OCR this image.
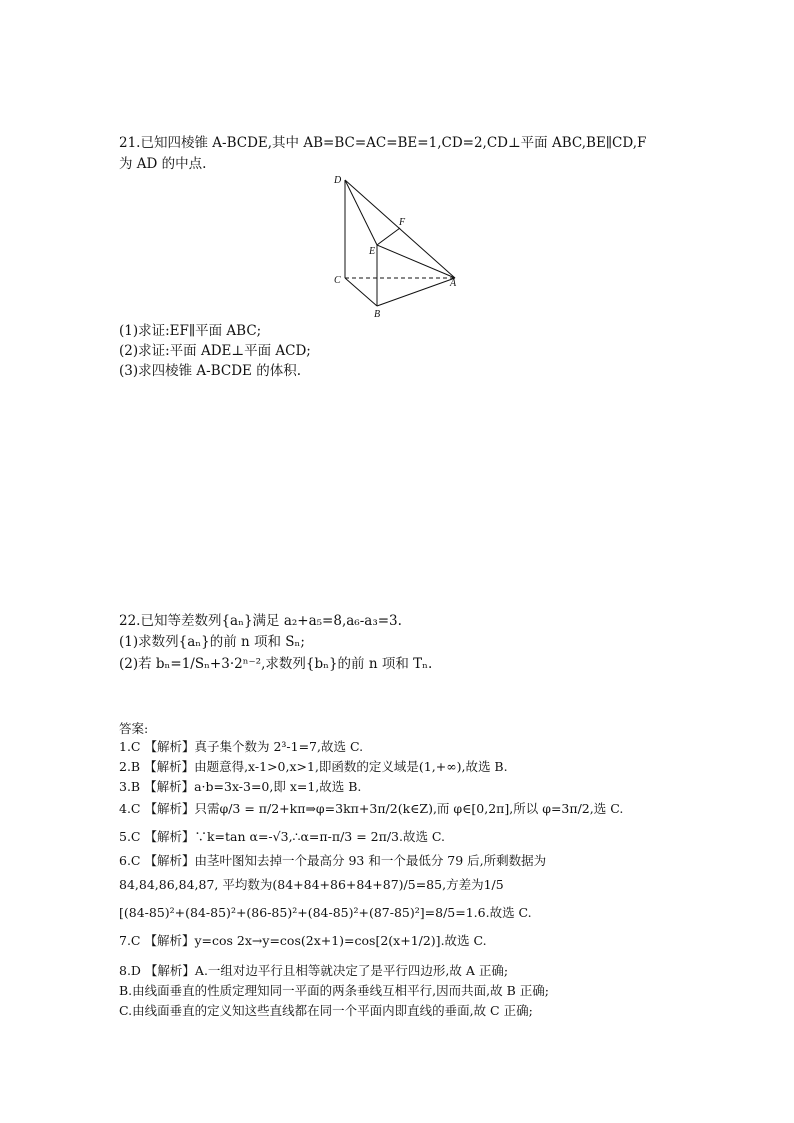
21.已知四棱锥 A-BCDE,其中 AB=BC=AC=BE=1,CD=2,CD⊥平面 ABC,BE∥CD,F
为 AD 的中点.
D
F
E
C	A
B
(1)求证:EF∥平面 ABC;
(2)求证:平面 ADE⊥平面 ACD;
(3)求四棱锥 A-BCDE 的体积.
22.已知等差数列{aₙ}满足 a₂+a₅=8,a₆-a₃=3.
(1)求数列{aₙ}的前 n 项和 Sₙ;
(2)若 bₙ=1/Sₙ+3·2ⁿ⁻²,求数列{bₙ}的前 n 项和 Tₙ.
答案:
1.C 【解析】真子集个数为 2³-1=7,故选 C.
2.B 【解析】由题意得,x-1>0,x>1,即函数的定义域是(1,+∞),故选 B.
3.B 【解析】a·b=3x-3=0,即 x=1,故选 B.
4.C 【解析】只需φ/3 = π/2+kπ⇒φ=3kπ+3π/2(k∈Z),而 φ∈[0,2π],所以 φ=3π/2,选 C.
5.C 【解析】∵k=tan α=-√3,∴α=π-π/3 = 2π/3.故选 C.
6.C 【解析】由茎叶图知去掉一个最高分 93 和一个最低分 79 后,所剩数据为
84,84,86,84,87, 平均数为(84+84+86+84+87)/5=85,方差为1/5
[(84-85)²+(84-85)²+(86-85)²+(84-85)²+(87-85)²]=8/5=1.6.故选 C.
7.C 【解析】y=cos 2x→y=cos(2x+1)=cos[2(x+1/2)].故选 C.
8.D 【解析】A.一组对边平行且相等就决定了是平行四边形,故 A 正确;
B.由线面垂直的性质定理知同一平面的两条垂线互相平行,因而共面,故 B 正确;
C.由线面垂直的定义知这些直线都在同一个平面内即直线的垂面,故 C 正确;
